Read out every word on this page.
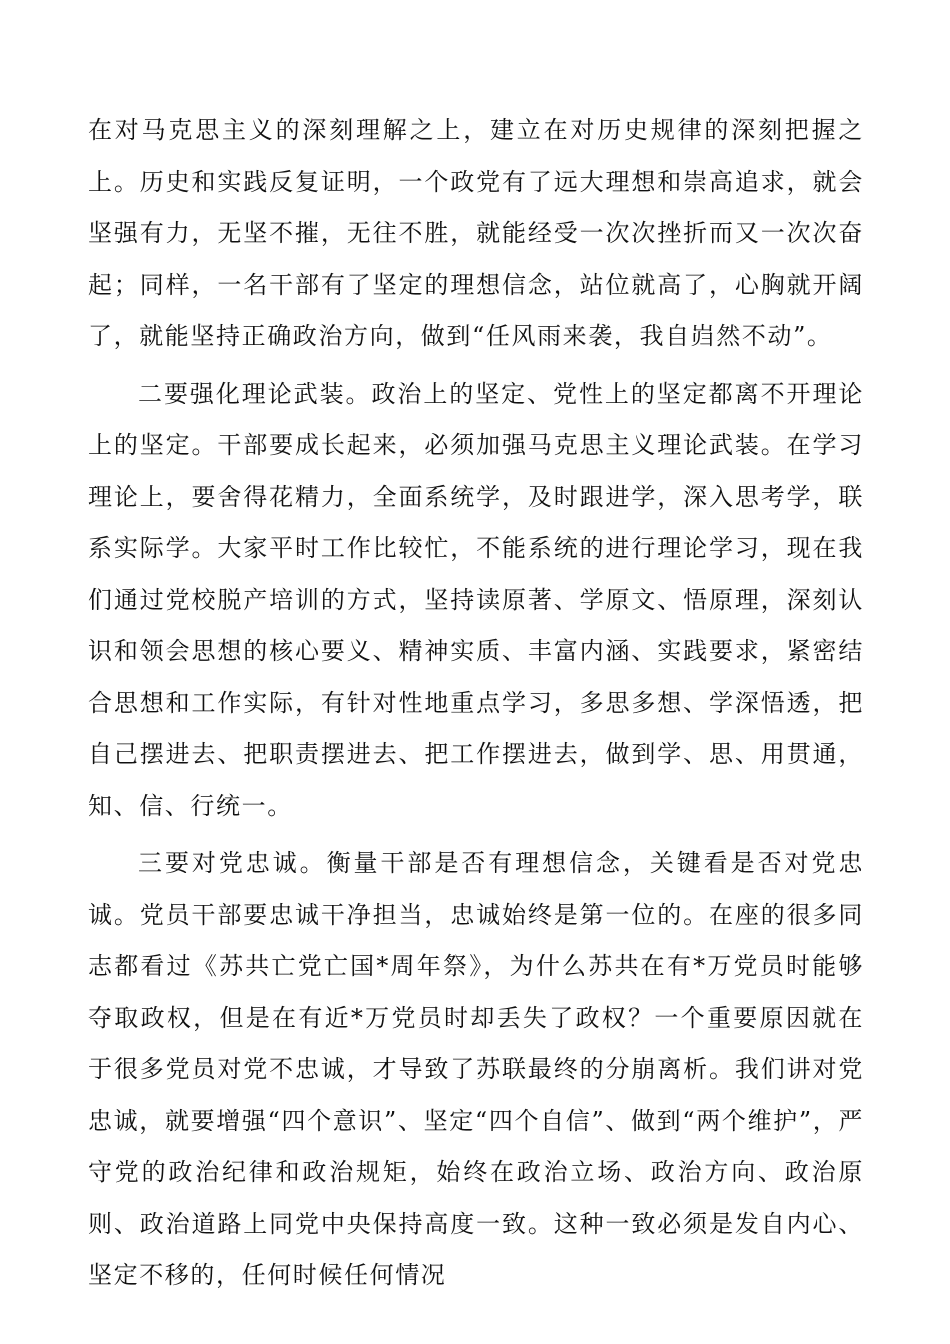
在对马克思主义的深刻理解之上，建立在对历史规律的深刻把握之上。历史和实践反复证明，一个政党有了远大理想和崇高追求，就会坚强有力，无坚不摧，无往不胜，就能经受一次次挫折而又一次次奋起；同样，一名干部有了坚定的理想信念，站位就高了，心胸就开阔了，就能坚持正确政治方向，做到“任风雨来袭，我自岿然不动”。

二要强化理论武装。政治上的坚定、党性上的坚定都离不开理论上的坚定。干部要成长起来，必须加强马克思主义理论武装。在学习理论上，要舍得花精力，全面系统学，及时跟进学，深入思考学，联系实际学。大家平时工作比较忙，不能系统的进行理论学习，现在我们通过党校脱产培训的方式，坚持读原著、学原文、悟原理，深刻认识和领会思想的核心要义、精神实质、丰富内涵、实践要求，紧密结合思想和工作实际，有针对性地重点学习，多思多想、学深悟透，把自己摆进去、把职责摆进去、把工作摆进去，做到学、思、用贯通，知、信、行统一。

三要对党忠诚。衡量干部是否有理想信念，关键看是否对党忠诚。党员干部要忠诚干净担当，忠诚始终是第一位的。在座的很多同志都看过《苏共亡党亡国*周年祭》，为什么苏共在有*万党员时能够夺取政权，但是在有近*万党员时却丢失了政权？一个重要原因就在于很多党员对党不忠诚，才导致了苏联最终的分崩离析。我们讲对党忠诚，就要增强“四个意识”、坚定“四个自信”、做到“两个维护”，严守党的政治纪律和政治规矩，始终在政治立场、政治方向、政治原则、政治道路上同党中央保持高度一致。这种一致必须是发自内心、坚定不移的，任何时候任何情况
